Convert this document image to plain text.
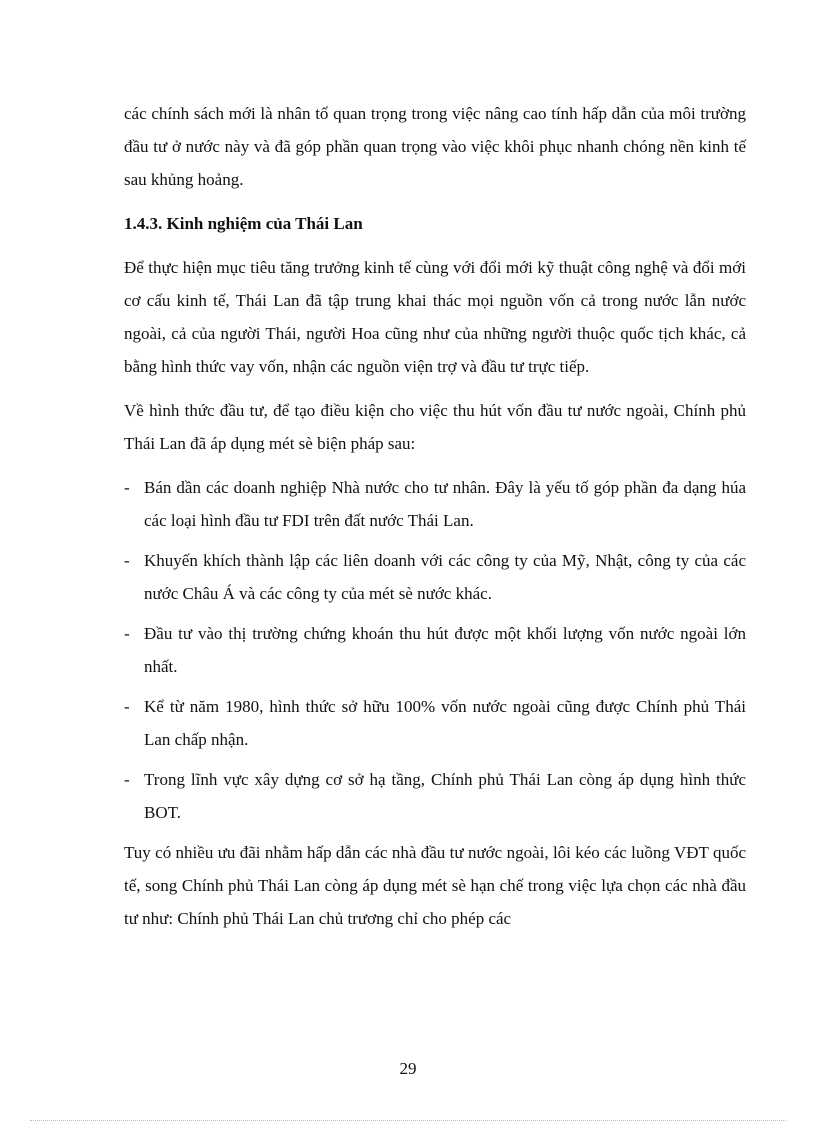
các chính sách mới là nhân tố quan trọng trong việc nâng cao tính hấp dẫn của môi trường đầu tư ở nước này và đã góp phần quan trọng vào việc khôi phục nhanh chóng nền kinh tế sau khủng hoảng.

1.4.3. Kinh nghiệm của Thái Lan

Để thực hiện mục tiêu tăng trưởng kinh tế cùng với đổi mới kỹ thuật công nghệ và đổi mới cơ cấu kinh tế, Thái Lan đã tập trung khai thác mọi nguồn vốn cả trong nước lẫn nước ngoài, cả của người Thái, người Hoa cũng như của những người thuộc quốc tịch khác, cả bằng hình thức vay vốn, nhận các nguồn viện trợ và đầu tư trực tiếp.

Về hình thức đầu tư, để tạo điều kiện cho việc thu hút vốn đầu tư nước ngoài, Chính phủ Thái Lan đã áp dụng mét sè biện pháp sau:

- Bán dần các doanh nghiệp Nhà nước cho tư nhân. Đây là yếu tố góp phần đa dạng húa các loại hình đầu tư FDI trên đất nước Thái Lan.
- Khuyến khích thành lập các liên doanh với các công ty của Mỹ, Nhật, công ty của các nước Châu Á và các công ty của mét sè nước khác.
- Đầu tư vào thị trường chứng khoán thu hút được một khối lượng vốn nước ngoài lớn nhất.
- Kể từ năm 1980, hình thức sở hữu 100% vốn nước ngoài cũng được Chính phủ Thái Lan chấp nhận.
- Trong lĩnh vực xây dựng cơ sở hạ tầng, Chính phủ Thái Lan còng áp dụng hình thức BOT.

Tuy có nhiều ưu đãi nhằm hấp dẫn các nhà đầu tư nước ngoài, lôi kéo các luồng VĐT quốc tế, song Chính phủ Thái Lan còng áp dụng mét sè hạn chế trong việc lựa chọn các nhà đầu tư như: Chính phủ Thái Lan chủ trương chỉ cho phép các

29
